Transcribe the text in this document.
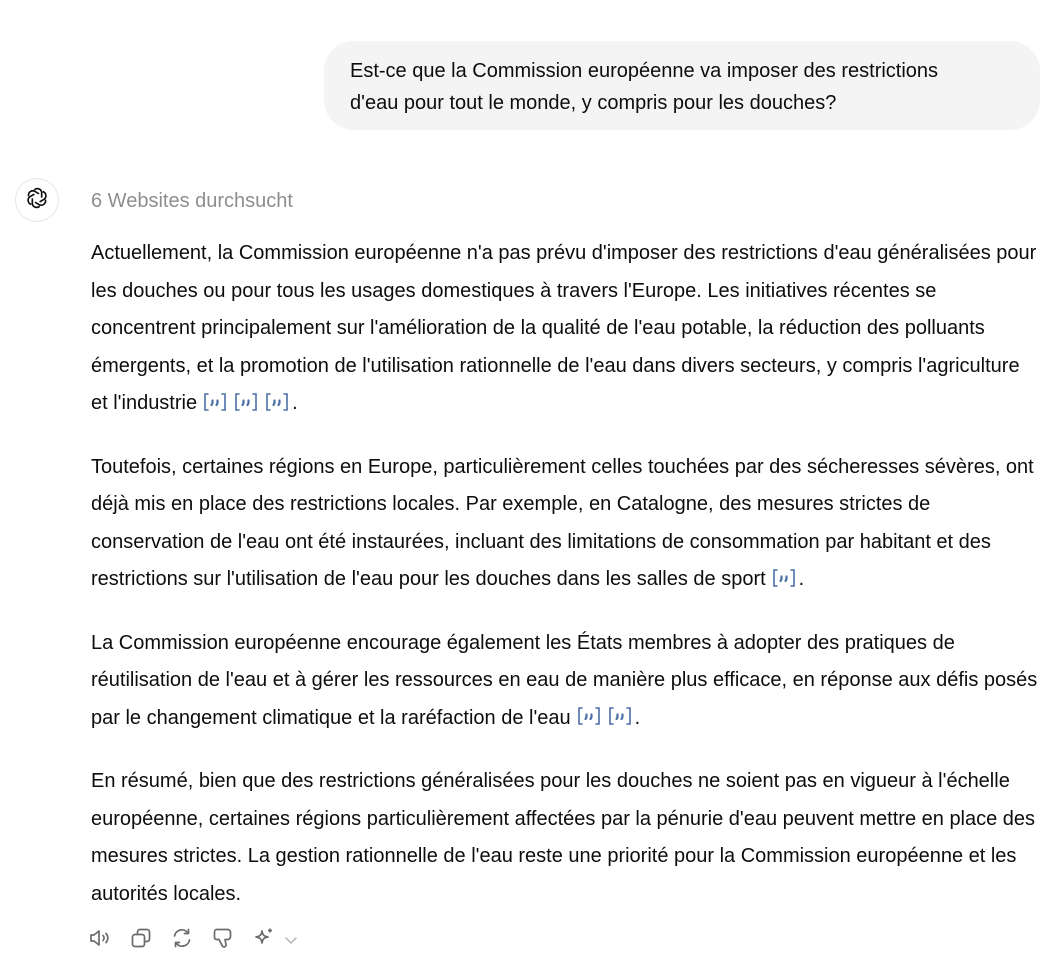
Est-ce que la Commission européenne va imposer des restrictions
d'eau pour tout le monde, y compris pour les douches?
6 Websites durchsucht

Actuellement, la Commission européenne n'a pas prévu d'imposer des restrictions d'eau généralisées pour les douches ou pour tous les usages domestiques à travers l'Europe. Les initiatives récentes se concentrent principalement sur l'amélioration de la qualité de l'eau potable, la réduction des polluants émergents, et la promotion de l'utilisation rationnelle de l'eau dans divers secteurs, y compris l'agriculture et l'industrie	.

Toutefois, certaines régions en Europe, particulièrement celles touchées par des sécheresses sévères, ont déjà mis en place des restrictions locales. Par exemple, en Catalogne, des mesures strictes de conservation de l'eau ont été instaurées, incluant des limitations de consommation par habitant et des restrictions sur l'utilisation de l'eau pour les douches dans les salles de sport .

La Commission européenne encourage également les États membres à adopter des pratiques de réutilisation de l'eau et à gérer les ressources en eau de manière plus efficace, en réponse aux défis posés par le changement climatique et la raréfaction de l'eau	.

En résumé, bien que des restrictions généralisées pour les douches ne soient pas en vigueur à l'échelle européenne, certaines régions particulièrement affectées par la pénurie d'eau peuvent mettre en place des mesures strictes. La gestion rationnelle de l'eau reste une priorité pour la Commission européenne et les autorités locales.
